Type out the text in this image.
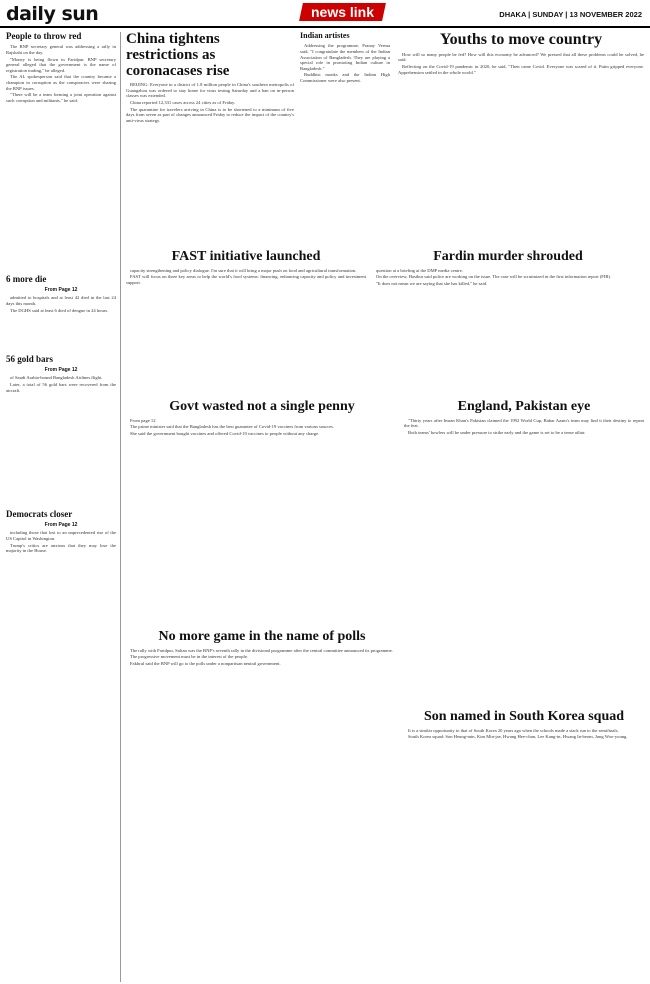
daily sun	news link	DHAKA | SUNDAY | 13 NOVEMBER 2022
People to throw red

The BNP secretary general was addressing a rally in Rajshahi on the day.

"Money is being flown in Faridpur. BNP secretary general alleged that the government is the name of registration trading," he alleged.

The AL spokesperson said that the country became a champion in corruption as the conspiracies were sharing the BNP issues.

"There will be a team forming a joint operation against such corruption and militants," he said.

6 more die
From Page 12

admitted to hospitals and at least 42 died in the last 24 days this month.

The DGHS said at least 6 died of dengue in 24 hours.

56 gold bars
From Page 12

of Saudi Arabia-bound Bangladesh Airlines flight.

Later, a total of 56 gold bars were recovered from the aircraft.

Democrats closer
From Page 12

including those that lost to an unprecedented rise of the US Capitol in Washington.

Trump's critics are anxious that they may lose the majority in the House.

China tightens restrictions as coronacases rise

BEIJING: Everyone in a district of 1.8 million people in China's southern metropolis of Guangzhou was ordered to stay home for virus testing Saturday and a ban on in-person classes was extended.

China reported 12,331 cases across 24 cities as of Friday.

The quarantine for travelers arriving in China is to be shortened to a minimum of five days from seven as part of changes announced Friday to reduce the impact of the country's anti-virus strategy.

Indian artistes

Addressing the programme, Pranay Verma said, "I congratulate the members of the Indian Association of Bangladesh. They are playing a special role in promoting Indian culture in Bangladesh."

Buddhist monks and the Indian High Commissioner were also present.

Youths to move country

How will so many people be fed? How will this economy be advanced? We pressed that all these problems could be solved, he said.

Reflecting on the Covid-19 pandemic in 2020, he said, "Then came Covid. Everyone was scared of it. Putin gripped everyone. Apprehension settled in the whole world."

FAST initiative launched

capacity strengthening and policy dialogue. I'm sure that it will bring a major push on food and agricultural transformation.

FAST will focus on three key areas to help the world's food systems: financing, enhancing capacity and policy and investment support.

Fardin murder shrouded

question at a briefing at the DMP media centre.

On the overview, Hasibur said police are working on the issue. The case will be scrutinized in the first information report (FIR).

"It does not mean we are saying that she has killed," he said.

Govt wasted not a single penny

From page 12

The prime minister said that the Bangladesh has the best guarantee of Covid-19 vaccines from various sources.

She said the government bought vaccines and offered Covid-19 vaccines to people without any charge.

England, Pakistan eye

"Thirty years after Imran Khan's Pakistan claimed the 1992 World Cup, Babar Azam's team may find it their destiny to repeat the feat.

Both teams' bowlers will be under pressure to strike early and the game is set to be a tense affair.

No more game in the name of polls

The rally with Faridpur, Sultan was the BNP's seventh rally in the divisional programme after the central committee announced its programme.

The progressive movement must be in the interest of the people.

Fakhrul said the BNP will go to the polls under a nonpartisan neutral government.

Son named in South Korea squad

It is a similar opportunity to that of South Korea 20 years ago when the schools made a stack run to the semifinals.

South Korea squad: Son Heung-min, Kim Min-jae, Hwang Hee-chan, Lee Kang-in, Hwang In-beom, Jung Woo-young.
